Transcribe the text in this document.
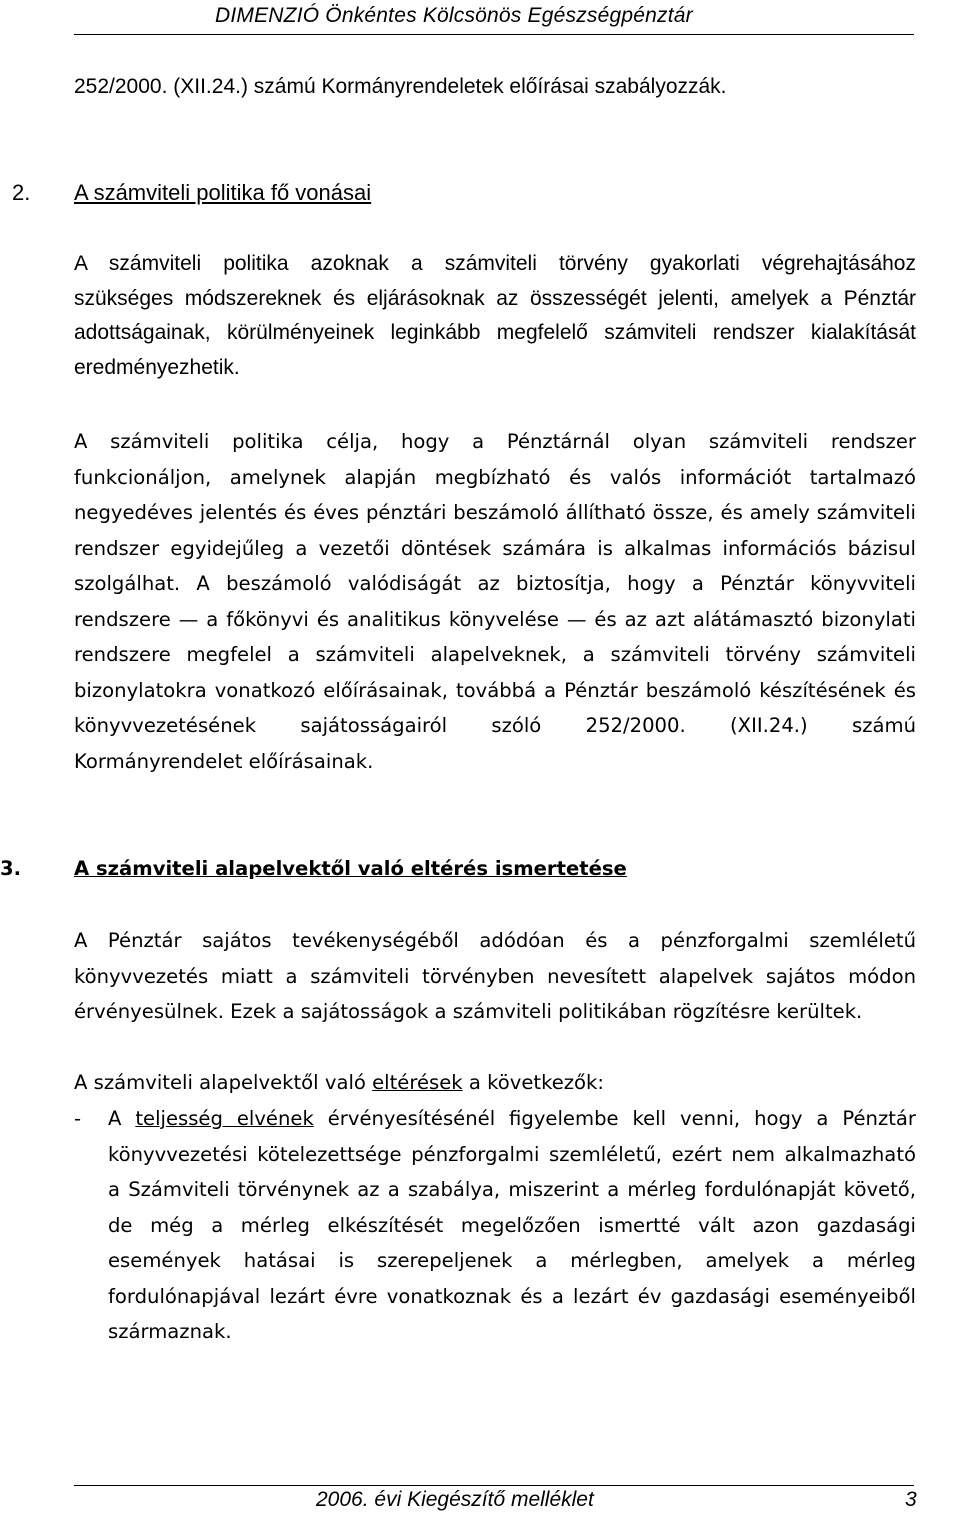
DIMENZIÓ Önkéntes Kölcsönös Egészségpénztár
252/2000. (XII.24.) számú Kormányrendeletek előírásai szabályozzák.
2. A számviteli politika fő vonásai

A számviteli politika azoknak a számviteli törvény gyakorlati végrehajtásához

szükséges módszereknek és eljárásoknak az összességét jelenti, amelyek a Pénztár

adottságainak, körülményeinek leginkább megfelelő számviteli rendszer kialakítását

eredményezhetik.

A számviteli politika célja, hogy a Pénztárnál olyan számviteli rendszer

funkcionáljon, amelynek alapján megbízható és valós információt tartalmazó

negyedéves jelentés és éves pénztári beszámoló állítható össze, és amely számviteli

rendszer egyidejűleg a vezetői döntések számára is alkalmas információs bázisul

szolgálhat. A beszámoló valódiságát az biztosítja, hogy a Pénztár könyvviteli

rendszere — a főkönyvi és analitikus könyvelése — és az azt alátámasztó bizonylati

rendszere megfelel a számviteli alapelveknek, a számviteli törvény számviteli

bizonylatokra vonatkozó előírásainak, továbbá a Pénztár beszámoló készítésének és

könyvvezetésének sajátosságairól szóló 252/2000. (XII.24.) számú

Kormányrendelet előírásainak.

3.	A számviteli alapelvektől való eltérés ismertetése

A Pénztár sajátos tevékenységéből adódóan és a pénzforgalmi szemléletű

könyvvezetés miatt a számviteli törvényben nevesített alapelvek sajátos módon

érvényesülnek. Ezek a sajátosságok a számviteli politikában rögzítésre kerültek.

A számviteli alapelvektől való eltérések a következők:

- A teljesség elvének érvényesítésénél figyelembe kell venni, hogy a Pénztár

könyvvezetési kötelezettsége pénzforgalmi szemléletű, ezért nem alkalmazható

a Számviteli törvénynek az a szabálya, miszerint a mérleg fordulónapját követő,

de még a mérleg elkészítését megelőzően ismertté vált azon gazdasági

események hatásai is szerepeljenek a mérlegben, amelyek a mérleg

fordulónapjával lezárt évre vonatkoznak és a lezárt év gazdasági eseményeiből

származnak.

2006. évi Kiegészítő melléklet	3
